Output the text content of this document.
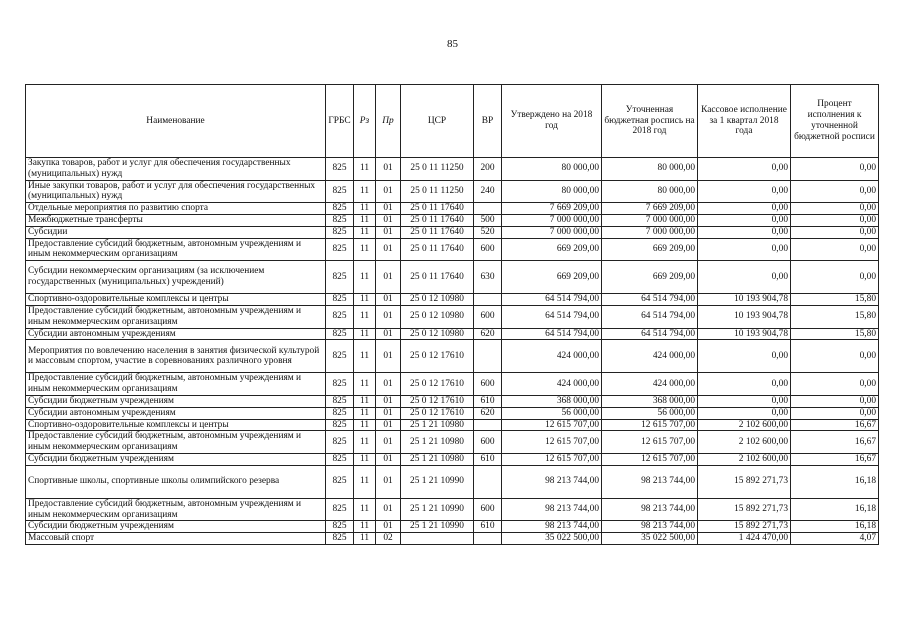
85
Наименование	ГРБС	Рз	Пр	ЦСР	ВР	Утверждено на 2018 год	Уточненная бюджетная роспись на 2018 год	Кассовое исполнение за 1 квартал 2018 года	Процент исполнения к уточненной бюджетной росписи
Закупка товаров, работ и услуг для обеспечения государственных (муниципальных) нужд	825	11	01	25 0 11 11250	200	80 000,00	80 000,00	0,00	0,00
Иные закупки товаров, работ и услуг для обеспечения государственных (муниципальных) нужд	825	11	01	25 0 11 11250	240	80 000,00	80 000,00	0,00	0,00
Отдельные мероприятия по развитию спорта	825	11	01	25 0 11 17640		7 669 209,00	7 669 209,00	0,00	0,00
Межбюджетные трансферты	825	11	01	25 0 11 17640	500	7 000 000,00	7 000 000,00	0,00	0,00
Субсидии	825	11	01	25 0 11 17640	520	7 000 000,00	7 000 000,00	0,00	0,00
Предоставление субсидий бюджетным, автономным учреждениям и иным некоммерческим организациям	825	11	01	25 0 11 17640	600	669 209,00	669 209,00	0,00	0,00
Субсидии некоммерческим организациям (за исключением государственных (муниципальных) учреждений)	825	11	01	25 0 11 17640	630	669 209,00	669 209,00	0,00	0,00
Спортивно-оздоровительные комплексы и центры	825	11	01	25 0 12 10980		64 514 794,00	64 514 794,00	10 193 904,78	15,80
Предоставление субсидий бюджетным, автономным учреждениям и иным некоммерческим организациям	825	11	01	25 0 12 10980	600	64 514 794,00	64 514 794,00	10 193 904,78	15,80
Субсидии автономным учреждениям	825	11	01	25 0 12 10980	620	64 514 794,00	64 514 794,00	10 193 904,78	15,80
Мероприятия по вовлечению населения в занятия физической культурой и массовым спортом, участие в соревнованиях различного уровня	825	11	01	25 0 12 17610		424 000,00	424 000,00	0,00	0,00
Предоставление субсидий бюджетным, автономным учреждениям и иным некоммерческим организациям	825	11	01	25 0 12 17610	600	424 000,00	424 000,00	0,00	0,00
Субсидии бюджетным учреждениям	825	11	01	25 0 12 17610	610	368 000,00	368 000,00	0,00	0,00
Субсидии автономным учреждениям	825	11	01	25 0 12 17610	620	56 000,00	56 000,00	0,00	0,00
Спортивно-оздоровительные комплексы и центры	825	11	01	25 1 21 10980		12 615 707,00	12 615 707,00	2 102 600,00	16,67
Предоставление субсидий бюджетным, автономным учреждениям и иным некоммерческим организациям	825	11	01	25 1 21 10980	600	12 615 707,00	12 615 707,00	2 102 600,00	16,67
Субсидии бюджетным учреждениям	825	11	01	25 1 21 10980	610	12 615 707,00	12 615 707,00	2 102 600,00	16,67
Спортивные школы, спортивные школы олимпийского резерва	825	11	01	25 1 21 10990		98 213 744,00	98 213 744,00	15 892 271,73	16,18
Предоставление субсидий бюджетным, автономным учреждениям и иным некоммерческим организациям	825	11	01	25 1 21 10990	600	98 213 744,00	98 213 744,00	15 892 271,73	16,18
Субсидии бюджетным учреждениям	825	11	01	25 1 21 10990	610	98 213 744,00	98 213 744,00	15 892 271,73	16,18
Массовый спорт	825	11	02			35 022 500,00	35 022 500,00	1 424 470,00	4,07
